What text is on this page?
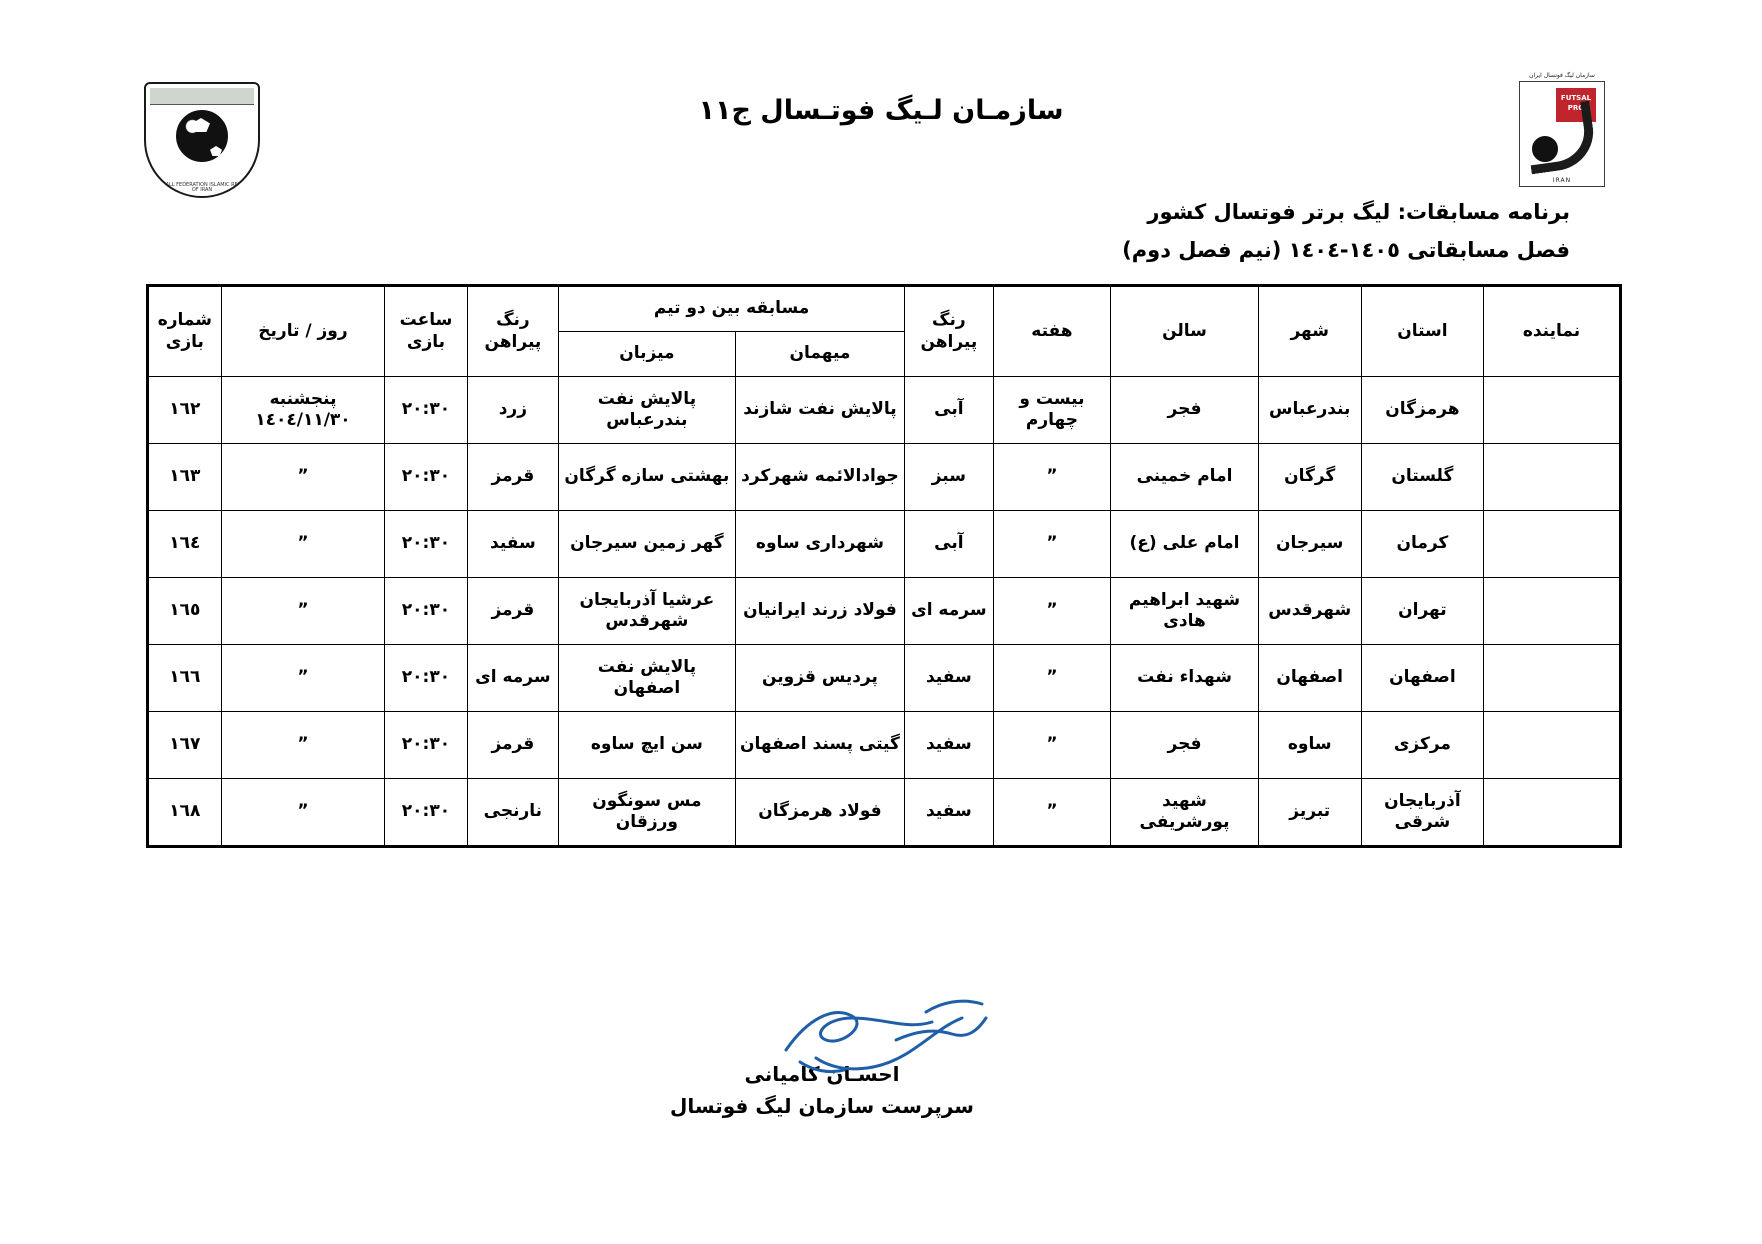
FOOTBALL FEDERATION ISLAMIC REPUBLIC OF IRAN
سازمـان لـیگ فوتـسال ج١١
سازمان لیگ فوتسال ایران
FUTSAL PRO
IRAN
برنامه مسابقات: لیگ برتر فوتسال کشور
فصل مسابقاتی ١٤٠٥-١٤٠٤ (نیم فصل دوم)
نماینده	استان	شهر	سالن	هفته	رنگ پیراهن	مسابقه بین دو تیم		رنگ پیراهن	ساعت بازی	روز / تاریخ	شماره بازی
						میهمان	میزبان				
	هرمزگان	بندرعباس	فجر	بیست و چهارم	آبی	پالایش نفت شازند	پالایش نفت بندرعباس	زرد	٢٠:٣٠	پنجشنبه ١٤٠٤/١١/٣٠	١٦٢
	گلستان	گرگان	امام خمینی	”	سبز	جوادالائمه شهرکرد	بهشتی سازه گرگان	قرمز	٢٠:٣٠	”	١٦٣
	کرمان	سیرجان	امام علی (ع)	”	آبی	شهرداری ساوه	گهر زمین سیرجان	سفید	٢٠:٣٠	”	١٦٤
	تهران	شهرقدس	شهید ابراهیم هادی	”	سرمه ای	فولاد زرند ایرانیان	عرشیا آذربایجان شهرقدس	قرمز	٢٠:٣٠	”	١٦٥
	اصفهان	اصفهان	شهداء نفت	”	سفید	پردیس قزوین	پالایش نفت اصفهان	سرمه ای	٢٠:٣٠	”	١٦٦
	مرکزی	ساوه	فجر	”	سفید	گیتی پسند اصفهان	سن ایچ ساوه	قرمز	٢٠:٣٠	”	١٦٧
	آذربایجان شرقی	تبریز	شهید پورشریفی	”	سفید	فولاد هرمزگان	مس سونگون ورزقان	نارنجی	٢٠:٣٠	”	١٦٨
احسـان کامیانی
سرپرست سازمان لیگ فوتسال
